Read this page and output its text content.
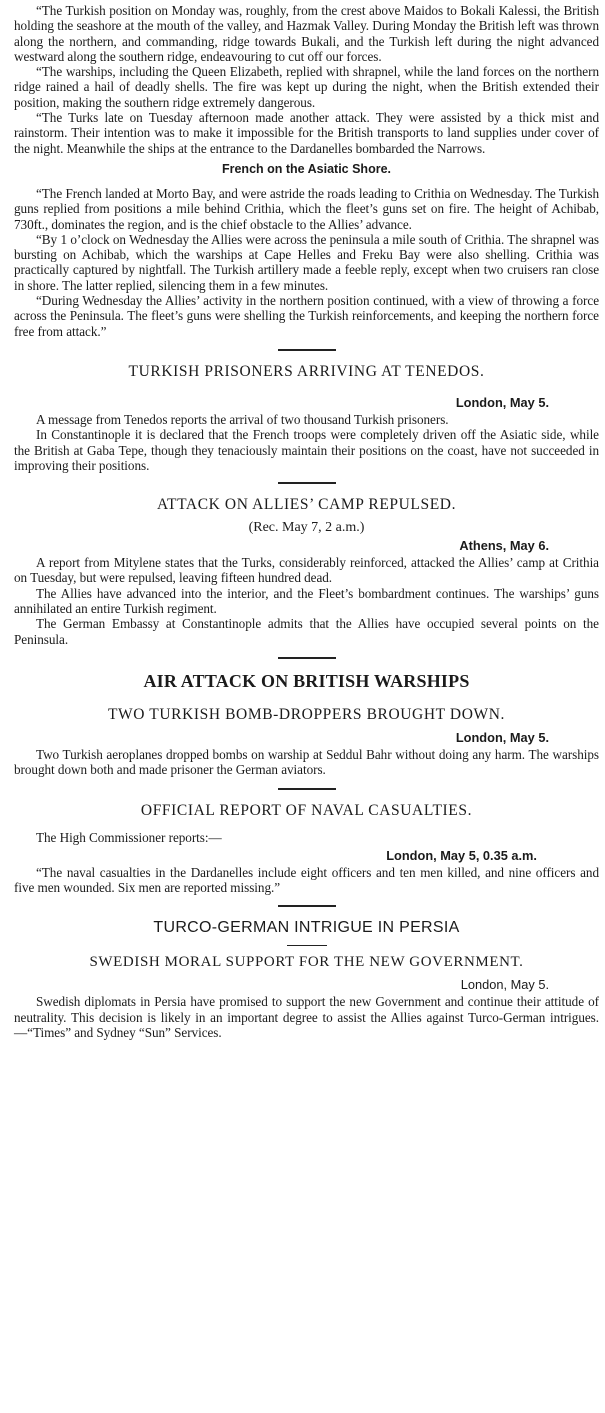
“The Turkish position on Monday was, roughly, from the crest above Maidos to Bokali Kalessi, the British holding the seashore at the mouth of the valley, and Hazmak Valley. During Monday the British left was thrown along the northern, and commanding, ridge towards Bukali, and the Turkish left during the night advanced westward along the southern ridge, endeavouring to cut off our forces.

“The warships, including the Queen Elizabeth, replied with shrapnel, while the land forces on the northern ridge rained a hail of deadly shells. The fire was kept up during the night, when the British extended their position, making the southern ridge extremely dangerous.

“The Turks late on Tuesday afternoon made another attack. They were assisted by a thick mist and rainstorm. Their intention was to make it impossible for the British transports to land supplies under cover of the night. Meanwhile the ships at the entrance to the Dardanelles bombarded the Narrows.

French on the Asiatic Shore.

“The French landed at Morto Bay, and were astride the roads leading to Crithia on Wednesday. The Turkish guns replied from positions a mile behind Crithia, which the fleet’s guns set on fire. The height of Achibab, 730ft., dominates the region, and is the chief obstacle to the Allies’ advance.

“By 1 o’clock on Wednesday the Allies were across the peninsula a mile south of Crithia. The shrapnel was bursting on Achibab, which the warships at Cape Helles and Freku Bay were also shelling. Crithia was practically captured by nightfall. The Turkish artillery made a feeble reply, except when two cruisers ran close in shore. The latter replied, silencing them in a few minutes.

“During Wednesday the Allies’ activity in the northern position continued, with a view of throwing a force across the Peninsula. The fleet’s guns were shelling the Turkish reinforcements, and keeping the northern force free from attack.”

TURKISH PRISONERS ARRIVING AT TENEDOS.
London, May 5.

A message from Tenedos reports the arrival of two thousand Turkish prisoners.

In Constantinople it is declared that the French troops were completely driven off the Asiatic side, while the British at Gaba Tepe, though they tenaciously maintain their positions on the coast, have not succeeded in improving their positions.

ATTACK ON ALLIES’ CAMP REPULSED.
(Rec. May 7, 2 a.m.)
Athens, May 6.

A report from Mitylene states that the Turks, considerably reinforced, attacked the Allies’ camp at Crithia on Tuesday, but were repulsed, leaving fifteen hundred dead.

The Allies have advanced into the interior, and the Fleet’s bombardment continues. The warships’ guns annihilated an entire Turkish regiment.

The German Embassy at Constantinople admits that the Allies have occupied several points on the Peninsula.

AIR ATTACK ON BRITISH WARSHIPS
TWO TURKISH BOMB-DROPPERS BROUGHT DOWN.
London, May 5.

Two Turkish aeroplanes dropped bombs on warship at Seddul Bahr without doing any harm. The warships brought down both and made prisoner the German aviators.

OFFICIAL REPORT OF NAVAL CASUALTIES.

The High Commissioner reports:—

London, May 5, 0.35 a.m.

“The naval casualties in the Dardanelles include eight officers and ten men killed, and nine officers and five men wounded. Six men are reported missing.”

TURCO-GERMAN INTRIGUE IN PERSIA
SWEDISH MORAL SUPPORT FOR THE NEW GOVERNMENT.
London, May 5.

Swedish diplomats in Persia have promised to support the new Government and continue their attitude of neutrality. This decision is likely in an important degree to assist the Allies against Turco-German intrigues.—“Times” and Sydney “Sun” Services.
